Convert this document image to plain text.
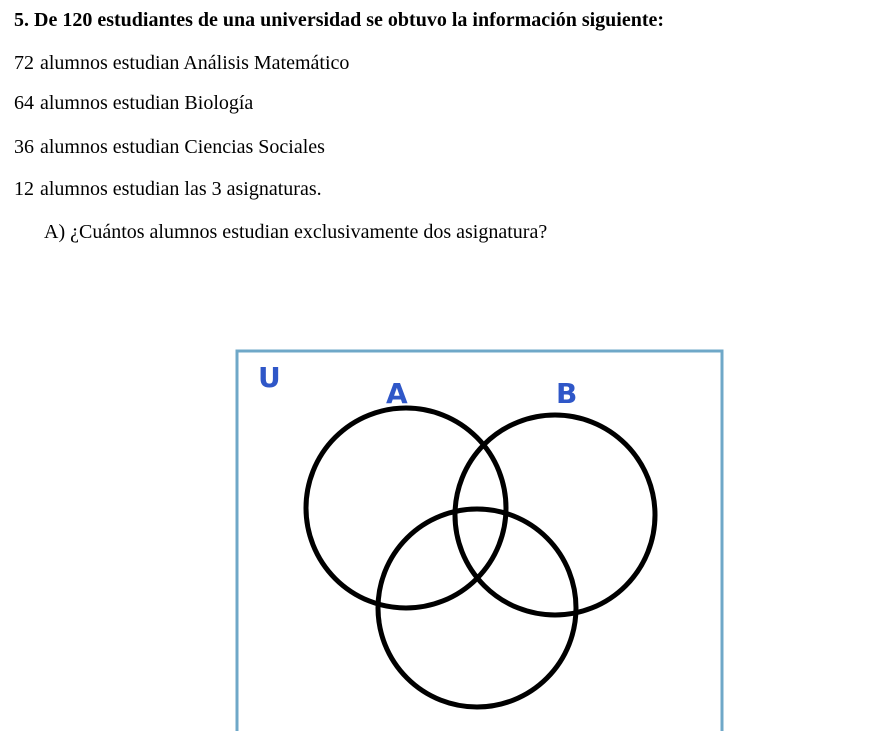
5. De 120 estudiantes de una universidad se obtuvo la información siguiente:
72 alumnos estudian Análisis Matemático
64 alumnos estudian Biología
36 alumnos estudian Ciencias Sociales
12 alumnos estudian las 3 asignaturas.
A) ¿Cuántos alumnos estudian exclusivamente dos asignatura?
U	A	B
